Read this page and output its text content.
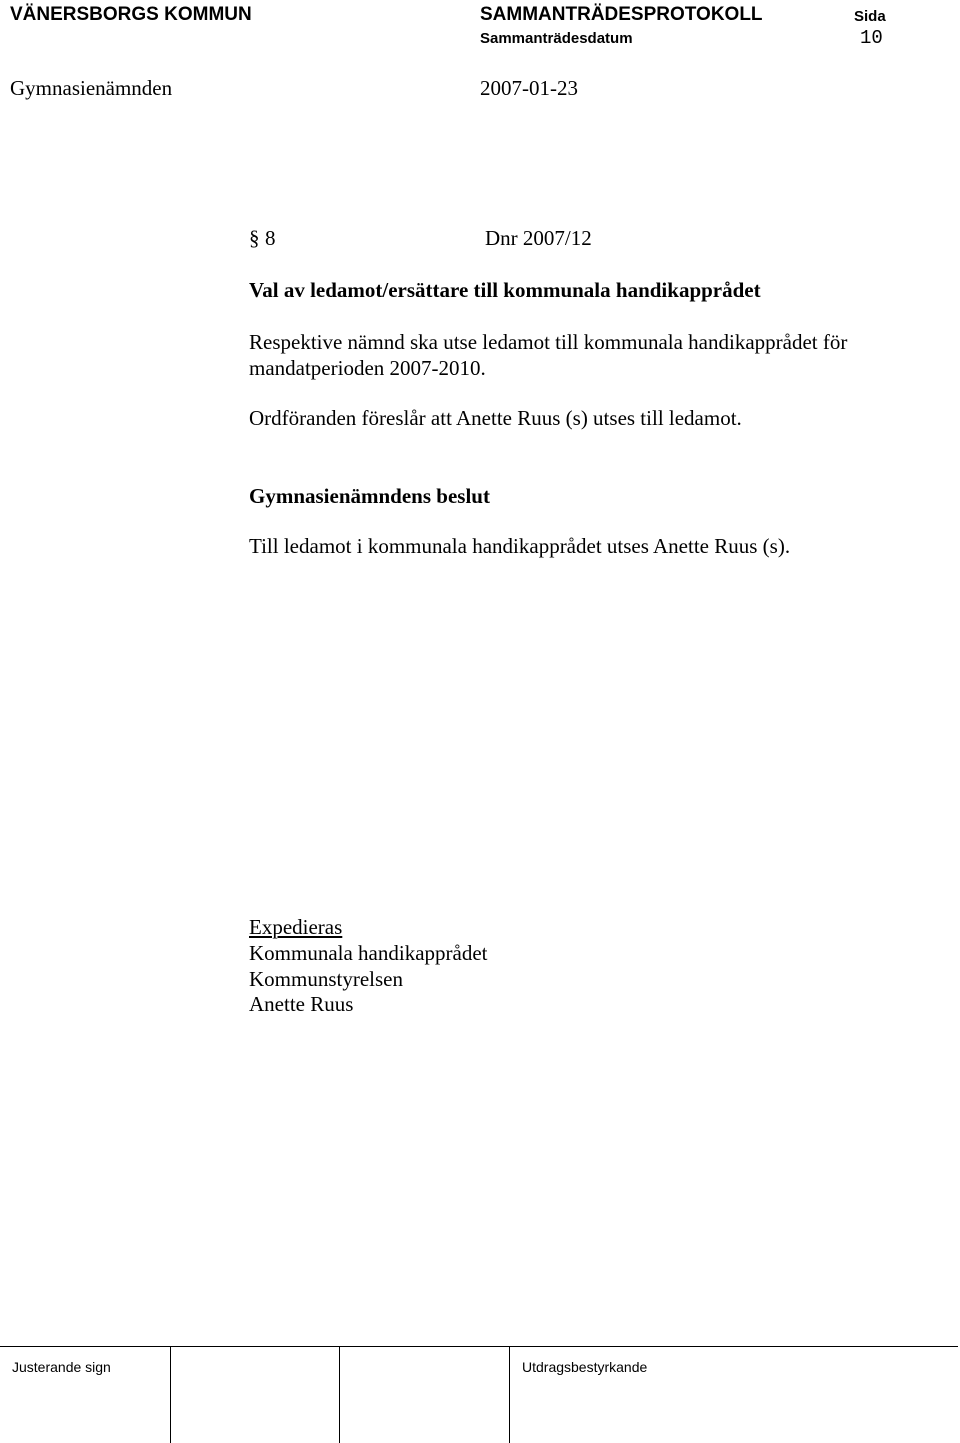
VÄNERSBORGS KOMMUN	SAMMANTRÄDESPROTOKOLL	Sida
Sammanträdesdatum	10
Gymnasienämnden	2007-01-23
§ 8	Dnr 2007/12
Val av ledamot/ersättare till kommunala handikapprådet
Respektive nämnd ska utse ledamot till kommunala handikapprådet för mandatperioden 2007-2010.
Ordföranden föreslår att Anette Ruus (s) utses till ledamot.
Gymnasienämndens beslut
Till ledamot i kommunala handikapprådet utses Anette Ruus (s).
Expedieras
Kommunala handikapprådet
Kommunstyrelsen
Anette Ruus
Justerande sign	Utdragsbestyrkande
